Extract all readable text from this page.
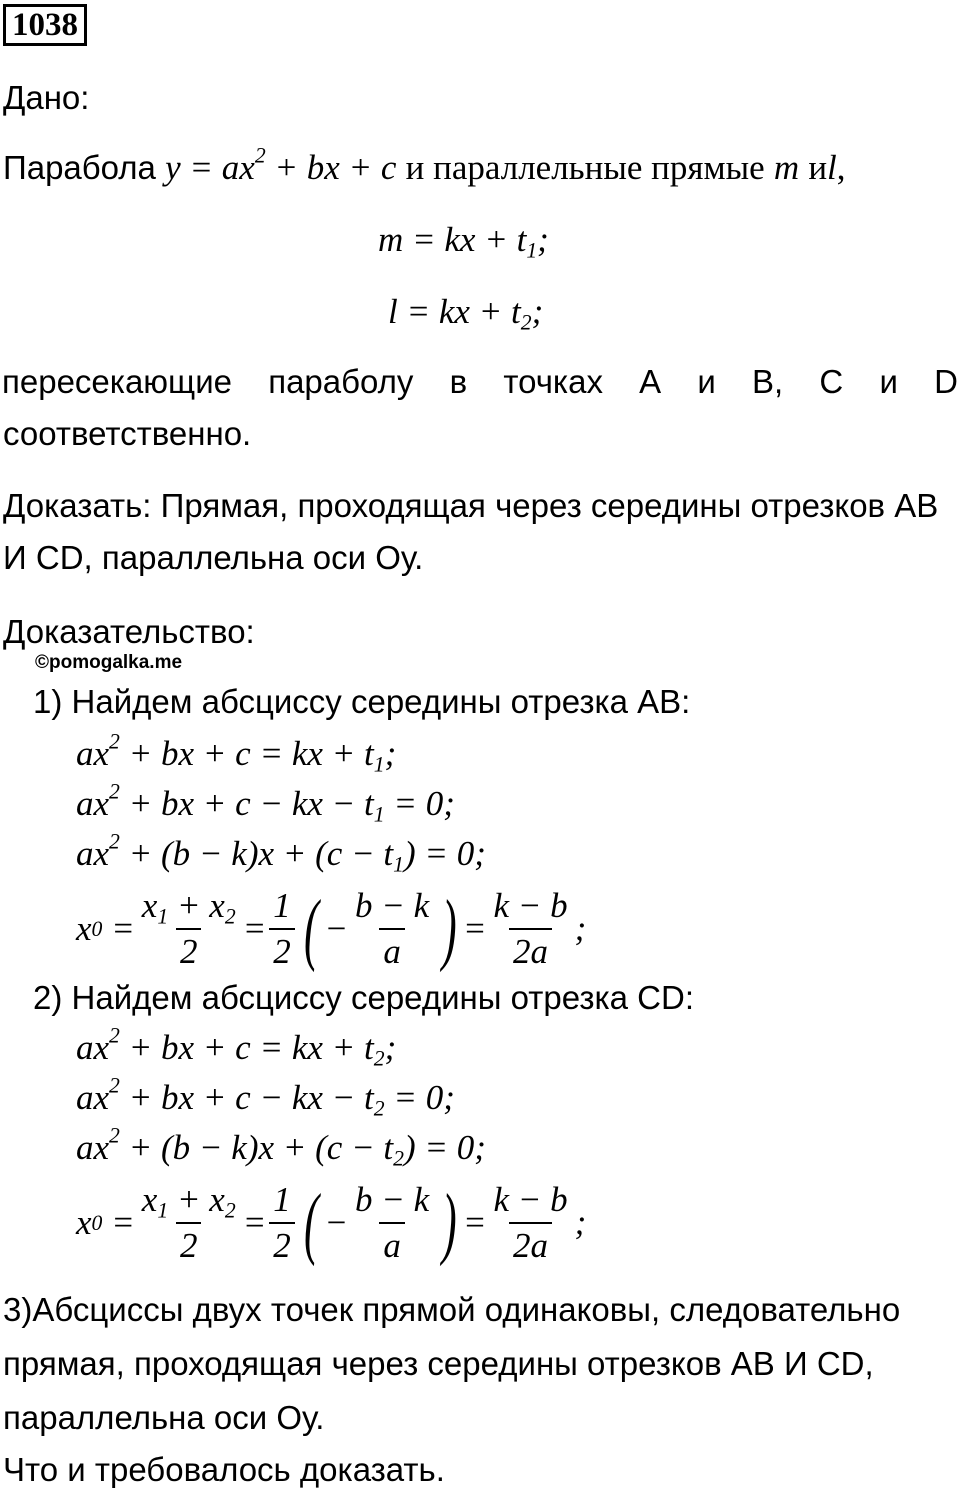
1038
Дано:
Парабола $y = ax^2$ + bx + c и параллельные прямые m иl,
m = kx + $t_1$;
l = kx + $t_2$;
пересекающие параболу в точках А и В, С и D
соответственно.
Доказать: Прямая, проходящая через середины отрезков АВ
И CD, параллельна оси Оу.
Доказательство:
©pomogalka.me
1) Найдем абсциссу середины отрезка АВ:
$ax^2$ + bx + c = kx + $t_1$;
$ax^2$ + bx + c − kx − $t_1 = 0$;
$ax^2 + (b - k)x + (c - t_1) = 0$;
x $0 = \frac{x_1 + x_2}{2} = \frac{1}{2}$ ( − $\frac{b - k}{a}$ ) = $\frac{k - b}{2a}$ ;
2) Найдем абсциссу середины отрезка CD:
$ax^2$ + bx + c = kx + $t_2$;
$ax^2$ + bx + c − kx − $t_2 = 0$;
$ax^2 + (b - k)x + (c - t_2) = 0$;
x $0 = \frac{x_1 + x_2}{2} = \frac{1}{2}$ ( − $\frac{b - k}{a}$ ) = $\frac{k - b}{2a}$ ;
3)Абсциссы двух точек прямой одинаковы, следовательно
прямая, проходящая через середины отрезков АВ И CD,
параллельна оси Оу.
Что и требовалось доказать.
